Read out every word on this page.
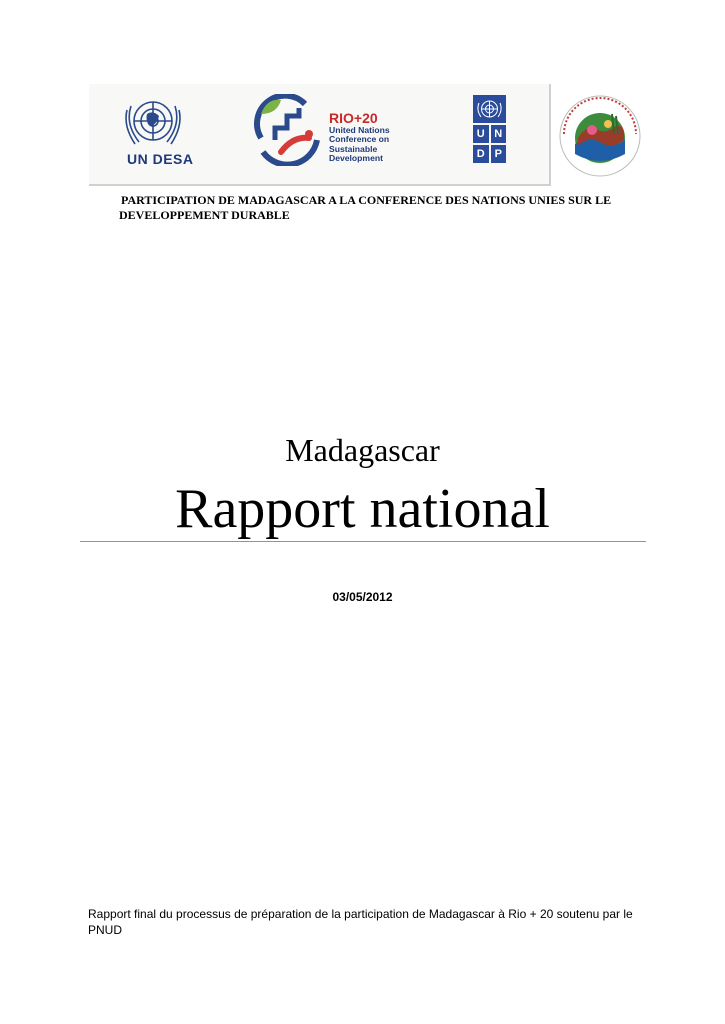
UN DESA
RIO+20
United Nations
Conference on
Sustainable
Development
U N
D P
PARTICIPATION DE MADAGASCAR A LA CONFERENCE DES NATIONS UNIES SUR LE
DEVELOPPEMENT DURABLE
Madagascar
Rapport national
03/05/2012
Rapport final du processus de préparation de la participation de Madagascar à Rio + 20 soutenu par le PNUD
